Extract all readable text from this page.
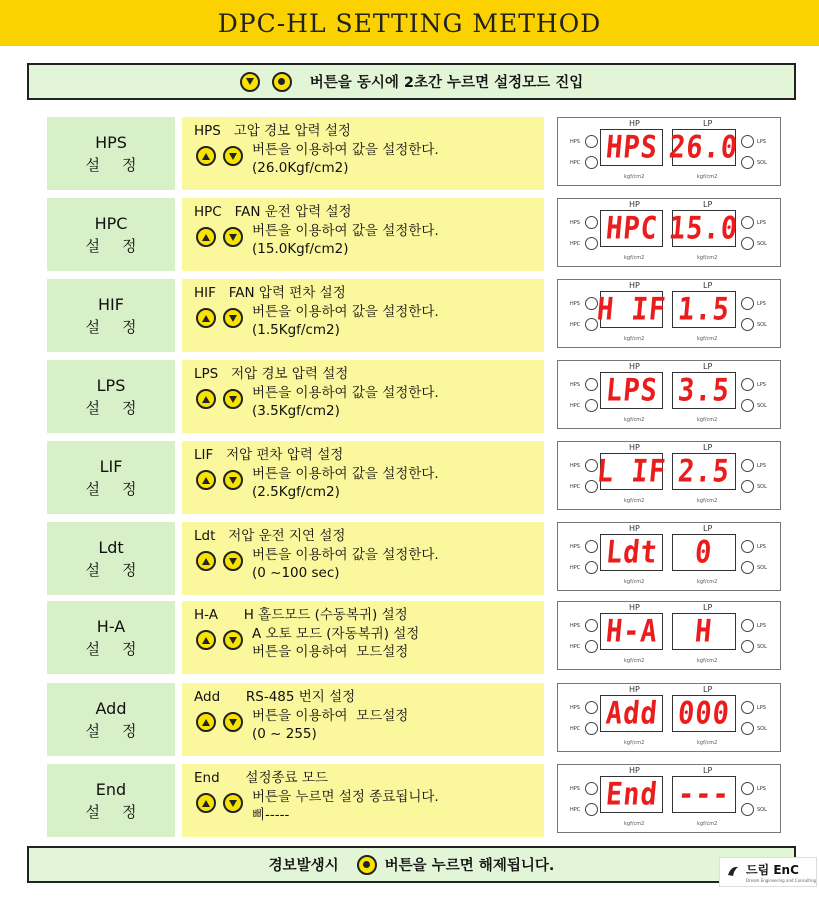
DPC-HL SETTING METHOD
버튼을 동시에 2초간 누르면 설정모드 진입
HPS
설정
HPS   고압 경보 압력 설정
버튼을 이용하여 값을 설정한다.
(26.0Kgf/cm2)
HP	LP
HPS
HPC HPS 26.0	LPS
SOL
kgf/cm2	kgf/cm2
HPC
설정
HPC   FAN 운전 압력 설정
버튼을 이용하여 값을 설정한다.
(15.0Kgf/cm2)
HP	LP
HPS
HPC HPC 15.0	LPS
SOL
kgf/cm2	kgf/cm2
HIF
설정
HIF   FAN 압력 편차 설정
버튼을 이용하여 값을 설정한다.
(1.5Kgf/cm2)
HP	LP
HPS
HPC H IF 1.5	LPS
SOL
kgf/cm2	kgf/cm2
LPS
설정
LPS   저압 경보 압력 설정
버튼을 이용하여 값을 설정한다.
(3.5Kgf/cm2)
HP	LP
HPS
HPC LPS 3.5	LPS
SOL
kgf/cm2	kgf/cm2
LIF
설정
LIF   저압 편차 압력 설정
버튼을 이용하여 값을 설정한다.
(2.5Kgf/cm2)
HP	LP
HPS
HPC L IF 2.5	LPS
SOL
kgf/cm2	kgf/cm2
Ldt
설정
Ldt   저압 운전 지연 설정
버튼을 이용하여 값을 설정한다.
(0 ~100 sec)
HP	LP
HPS
HPC Ldt 0	LPS
SOL
kgf/cm2	kgf/cm2
H-A
설정
H-A      H 홀드모드 (수동복귀) 설정
A 오토 모드 (자동복귀) 설정
버튼을 이용하여  모드설정
HP	LP
HPS
HPC H-A H	LPS
SOL
kgf/cm2	kgf/cm2
Add
설정
Add      RS-485 번지 설정
버튼을 이용하여  모드설정
(0 ~ 255)
HP	LP
HPS
HPC Add 000	LPS
SOL
kgf/cm2	kgf/cm2
End
설정
End      설정종료 모드
버튼을 누르면 설정 종료됩니다.
삐-----
HP	LP
HPS
HPC End ---	LPS
SOL
kgf/cm2	kgf/cm2
경보발생시	버튼을 누르면 해제됩니다.	드림 EnC
Dream Engineering and Consulting
